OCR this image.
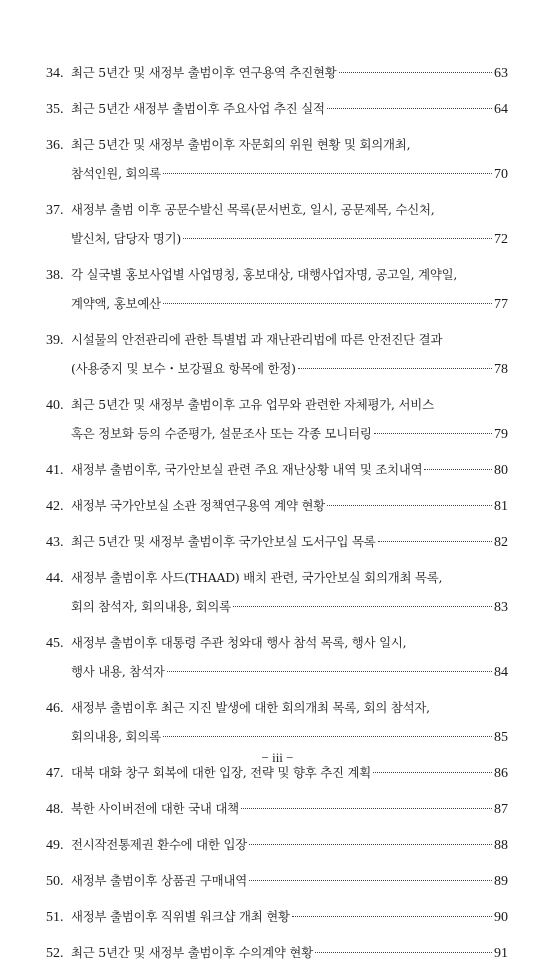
34. 최근 5년간 및 새정부 출범이후 연구용역 추진현황	63
35. 최근 5년간 새정부 출범이후 주요사업 추진 실적	64
36. 최근 5년간 및 새정부 출범이후 자문회의 위원 현황 및 회의개최,
참석인원, 회의록	70
37. 새정부 출범 이후 공문수발신 목록(문서번호, 일시, 공문제목, 수신처,
발신처, 담당자 명기)	72
38. 각 실국별 홍보사업별 사업명칭, 홍보대상, 대행사업자명, 공고일, 계약일,
계약액, 홍보예산	77
39. 시설물의 안전관리에 관한 특별법 과 재난관리법에 따른 안전진단 결과
(사용중지 및 보수・보강필요 항목에 한정)	78
40. 최근 5년간 및 새정부 출범이후 고유 업무와 관련한 자체평가, 서비스
혹은 정보화 등의 수준평가, 설문조사 또는 각종 모니터링	79
41. 새정부 출범이후, 국가안보실 관련 주요 재난상황 내역 및 조치내역	80
42. 새정부 국가안보실 소관 정책연구용역 계약 현황	81
43. 최근 5년간 및 새정부 출범이후 국가안보실 도서구입 목록	82
44. 새정부 출범이후 사드(THAAD) 배치 관련, 국가안보실 회의개최 목록,
회의 참석자, 회의내용, 회의록	83
45. 새정부 출범이후 대통령 주관 청와대 행사 참석 목록, 행사 일시,
행사 내용, 참석자	84
46. 새정부 출범이후 최근 지진 발생에 대한 회의개최 목록, 회의 참석자,
회의내용, 회의록	85
47. 대북 대화 창구 회복에 대한 입장, 전략 및 향후 추진 계획	86
48. 북한 사이버전에 대한 국내 대책	87
49. 전시작전통제권 환수에 대한 입장	88
50. 새정부 출범이후 상품권 구매내역	89
51. 새정부 출범이후 직위별 워크샵 개최 현황	90
52. 최근 5년간 및 새정부 출범이후 수의계약 현황	91
− iii −
